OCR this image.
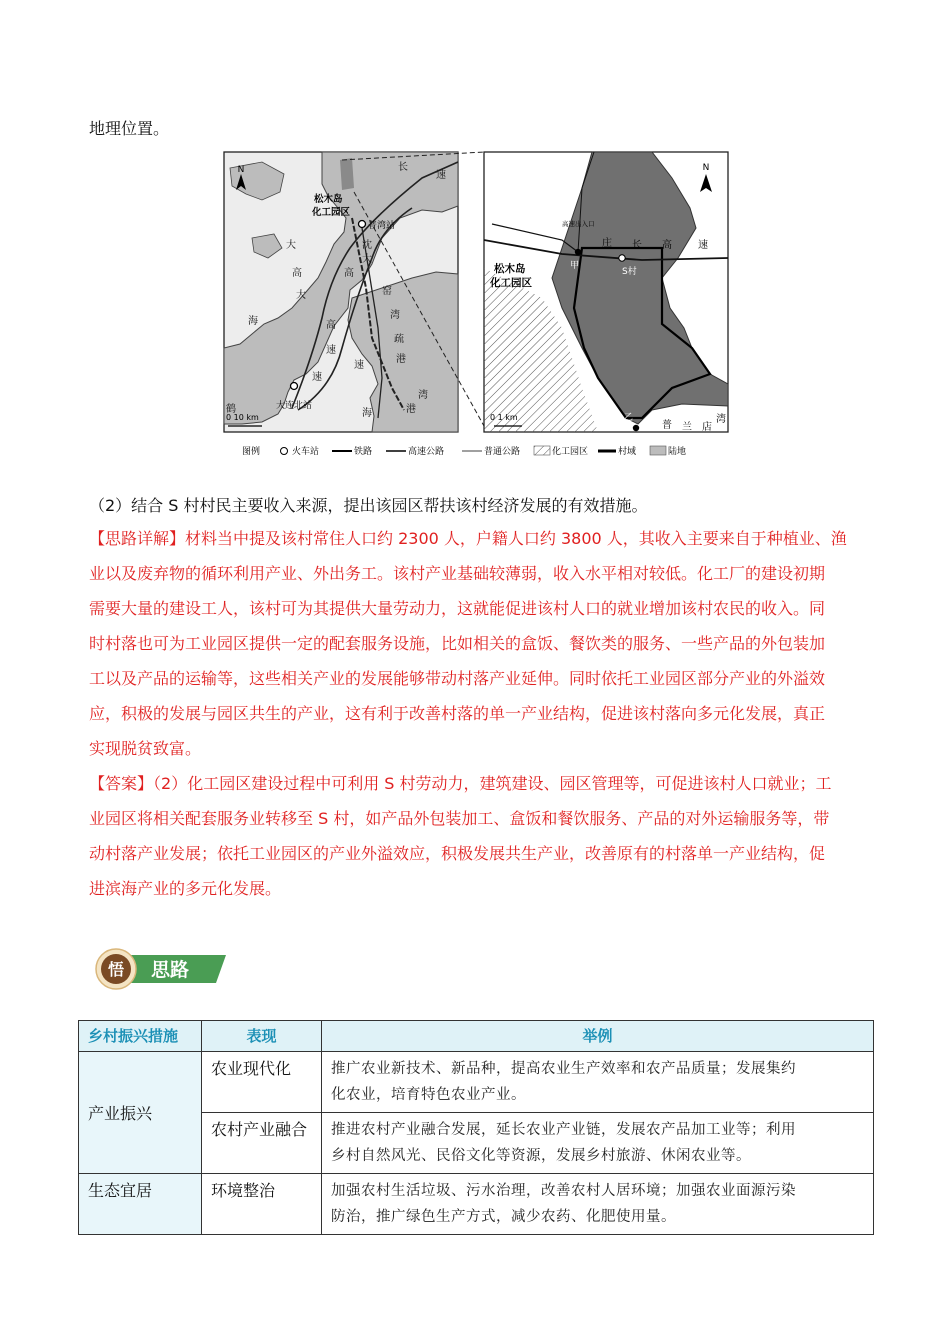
地理位置。
N
松木岛
化工园区
普湾站
大连北站
大
高
速
大
窑
湾
疏
港
高
速
沈
大
高
速
长
速
鹤
海
港
湾
海
0 10 km
N
松木岛
化工园区
甲
S村
乙
高速出入口
庄 长 高	速
普 兰 店
湾
0 1 km
图例	火车站	铁路	高速公路	普通公路	化工园区	村域	陆地
（2）结合 S 村村民主要收入来源，提出该园区帮扶该村经济发展的有效措施。
【思路详解】材料当中提及该村常住人口约 2300 人，户籍人口约 3800 人，其收入主要来自于种植业、渔
业以及废弃物的循环利用产业、外出务工。该村产业基础较薄弱，收入水平相对较低。化工厂的建设初期
需要大量的建设工人，该村可为其提供大量劳动力，这就能促进该村人口的就业增加该村农民的收入。同
时村落也可为工业园区提供一定的配套服务设施，比如相关的盒饭、餐饮类的服务、一些产品的外包装加
工以及产品的运输等，这些相关产业的发展能够带动村落产业延伸。同时依托工业园区部分产业的外溢效
应，积极的发展与园区共生的产业，这有利于改善村落的单一产业结构，促进该村落向多元化发展，真正
实现脱贫致富。
【答案】（2）化工园区建设过程中可利用 S 村劳动力，建筑建设、园区管理等，可促进该村人口就业；工
业园区将相关配套服务业转移至 S 村，如产品外包装加工、盒饭和餐饮服务、产品的对外运输服务等，带
动村落产业发展；依托工业园区的产业外溢效应，积极发展共生产业，改善原有的村落单一产业结构，促
进滨海产业的多元化发展。
悟 思路
乡村振兴措施	表现	举例
产业振兴	农业现代化	推广农业新技术、新品种，提高农业生产效率和农产品质量；发展集约
化农业，培育特色农业产业。

	农村产业融合	推进农村产业融合发展，延长农业产业链，发展农产品加工业等；利用
乡村自然风光、民俗文化等资源，发展乡村旅游、休闲农业等。

生态宜居	环境整治	加强农村生活垃圾、污水治理，改善农村人居环境；加强农业面源污染
防治，推广绿色生产方式，减少农药、化肥使用量。
